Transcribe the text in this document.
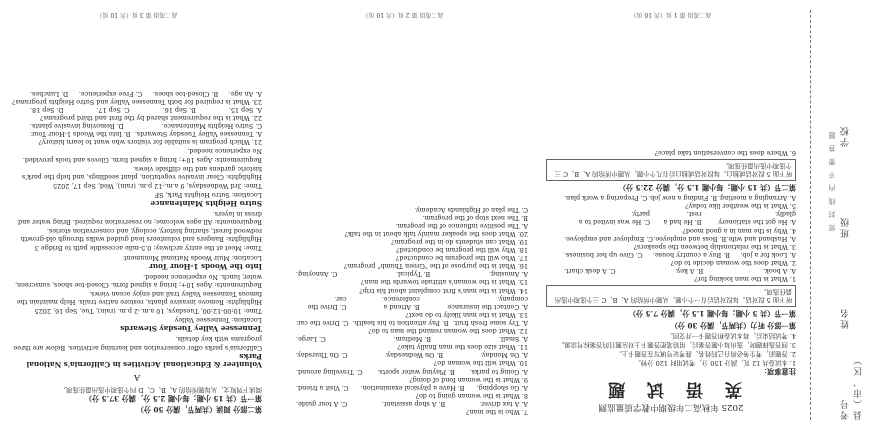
第二部分 阅读（共两节，满分 50 分）
第一节（共 15 小题；每小题 2.5 分，满分 37.5 分）

阅读下列短文，从每题所给的 A、B、C、D 四个选项中选出最佳选项。

A
Volunteer & Educational Activities in California's National Parks

California's parks offer conservation and learning activities. Below are three programs with key details.

Tennessee Valley Tuesday Stewards

Location: Tennessee Valley

Time: 10:00-12:00, Tuesdays, 10 a.m.-2 p.m. (rain), Tue, Sep 16, 2025

Highlights: Remove invasive plants, restore native trails. Help maintain the famous Tennessee Valley trail and enjoy ocean views.

Requirements: Ages 10+; bring a signed form. Closed-toe shoes, sunscreen, water, lunch. No experience needed.

Into the Woods 1-Hour Tour

Location: Muir Woods National Monument

Time: Meet at the entry archway; 0.5-mile accessible path to Bridge 3

Highlights: Rangers and volunteers lead guided walks through old-growth redwood forest, sharing history, ecology, and conservation stories.

Requirements: All ages welcome; no reservation required. Bring water and dress in layers.

Sutro Heights Maintenance

Location: Sutro Heights Park, SF

Time: 3rd Wednesdays, 9 a.m.-12 p.m. (rain), Wed, Sep 17, 2025

Highlights: Clear invasive vegetation, plant seedlings, and help the park's historic gardens and the cliffside views.

Requirements: Ages 10+; bring a signed form. Gloves and tools provided. No experience needed.

21. Which program is suitable for visitors who want to learn history?

A. Tennessee Valley Tuesday Stewards.
B. Into the Woods 1-Hour Tour.
C. Sutro Heights Maintenance.
D. Removing invasive plants.

22. What is the requirement shared by the first and third programs?

A. Sep 15.
B. Sep 16.
C. Sep 17.
D. Sep 18.

23. What is required for both Tennessee Valley and Sutro Heights programs?

A. An age.
B. Closed-toe shoes.
C. Free experience.
D. Lunches.
高二英语 第 3 页（共 10 页）

7. Who is the man?

A. A tax driver.
B. A shop assistant.
C. A tour guide.

8. What is the woman going to do?

A. Go shopping.
B. Have a physical examination.
C. Visit a friend.

9. What is the woman fond of doing?

A. Going to parks.
B. Playing water sports.
C. Traveling around.

10. What will the woman do?

A. On Monday.
B. On Wednesday.
C. On Thursday.

11. What size does the man finally take?

A. Small.
B. Medium.
C. Large.

12. What does the woman remind the man to do?

A. Try some fresh fruit.
B. Pay attention to his health.
C. Drive the car.

13. What is the man likely to do next?

A. Contact the insurance company.
B. Attend a conference.
C. Drive the car.

14. What is the man's first complaint about his trip?

15. What is the woman's attitude towards the man?

A. Amusing.
B. Typical.
C. Annoying.

16. What is the purpose of the "Green Thumb" program?

17. Who will the program be conducted?

18. Why will the program be conducted?

19. What can students do in the program?

20. What does the speaker mainly talk about in the talk?

A. The positive influence of the program.
B. The next stop of the program.
C. The plan of Highlands Academy.
高二英语 第 2 页（共 10 页）
2025 年秋高二年级期中教学质量监测
英 语 试 题
注意事项：

1. 本试卷共 12 页，满分 150 分，考试用时 120 分钟。

2. 答题前，考生务必将自己的姓名、准考证号填写在答题卡上。

3. 回答选择题时，选出每小题答案后，用铅笔把答题卡上对应题目的答案标号涂黑。

4. 考试结束后，将本试卷和答题卡一并交回。

第一部分 听力（共两节，满分 30 分）
第一节（共 5 小题；每小题 1.5 分，满分 7.5 分）
听下面 5 段对话。每段对话后有一个小题，从题中所给的 A、B、C 三个选项中选出最佳选项。

1. What is the man looking for?

A. A book.
B. A key.
C. A desk chart.

2. What does the woman decide to do?

A. Look for a job.
B. Buy a country house.
C. Give up her business.

3. What is the relationship between the speakers?

A. Husband and wife.
B. Boss and employee.
C. Employer and employee.

4. Why is the man in a good mood?

A. He got the stationery gladly.
B. He had a rest.
C. He was invited to a party.

5. What is the weather like today?

A. Arranging a meeting.
B. Finding a new job.
C. Preparing a work plan.
第二节（共 15 小题；每小题 1.5 分，满分 22.5 分）
听下面 5 段对话或独白。每段对话或独白后有几个小题，从题中所给的 A、B、C 三个选项中选出最佳选项。

6. Where does the conversation take place?

高二英语 第 1 页（共 10 页）
考号 姓名 班级 学校 县（市、区）
密 封 线 内 不 要 答 题
